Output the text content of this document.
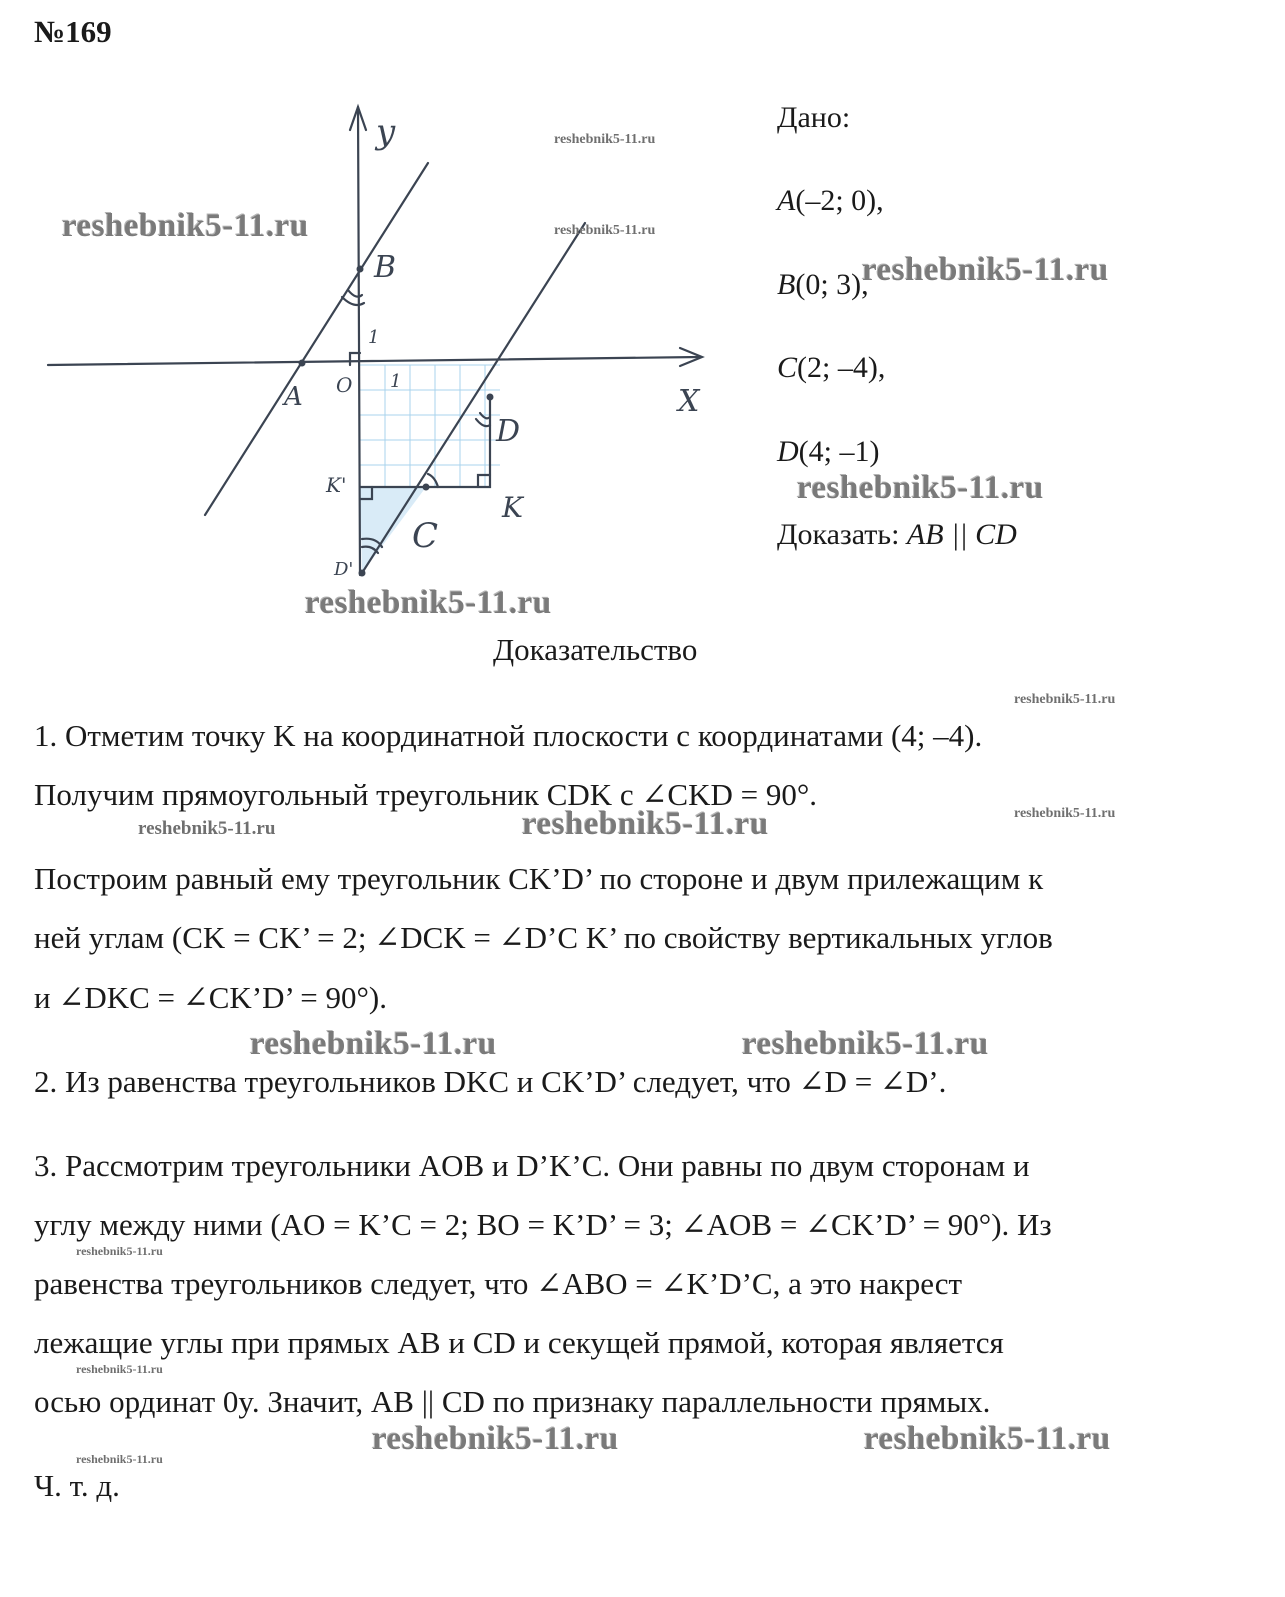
№169
y
X
O 1
1
A
B
C
D
K
K'
D'
Дано:
A(–2; 0),
B(0; 3),
C(2; –4),
D(4; –1)
Доказать: AB || CD
Доказательство
1. Отметим точку K на координатной плоскости с координатами (4; –4).
Получим прямоугольный треугольник CDK с ∠CKD = 90°.
Построим равный ему треугольник CK’D’ по стороне и двум прилежащим к
ней углам (CK = CK’ = 2; ∠DCK = ∠D’C K’ по свойству вертикальных углов
и ∠DKC = ∠CK’D’ = 90°).
2. Из равенства треугольников DKC и CK’D’ следует, что ∠D = ∠D’.
3. Рассмотрим треугольники AOB и D’K’C. Они равны по двум сторонам и
углу между ними (AO = K’C = 2; BO = K’D’ = 3; ∠AOB = ∠CK’D’ = 90°). Из
равенства треугольников следует, что ∠ABO = ∠K’D’C, а это накрест
лежащие углы при прямых AB и CD и секущей прямой, которая является
осью ординат 0y. Значит, AB || CD по признаку параллельности прямых.
Ч. т. д.
reshebnik5-11.ru
reshebnik5-11.ru
reshebnik5-11.ru
reshebnik5-11.ru
reshebnik5-11.ru
reshebnik5-11.ru	reshebnik5-11.ru
reshebnik5-11.ru	reshebnik5-11.ru
reshebnik5-11.ru
reshebnik5-11.ru
reshebnik5-11.ru
reshebnik5-11.ru
reshebnik5-11.ru
reshebnik5-11.ru
reshebnik5-11.ru
reshebnik5-11.ru
